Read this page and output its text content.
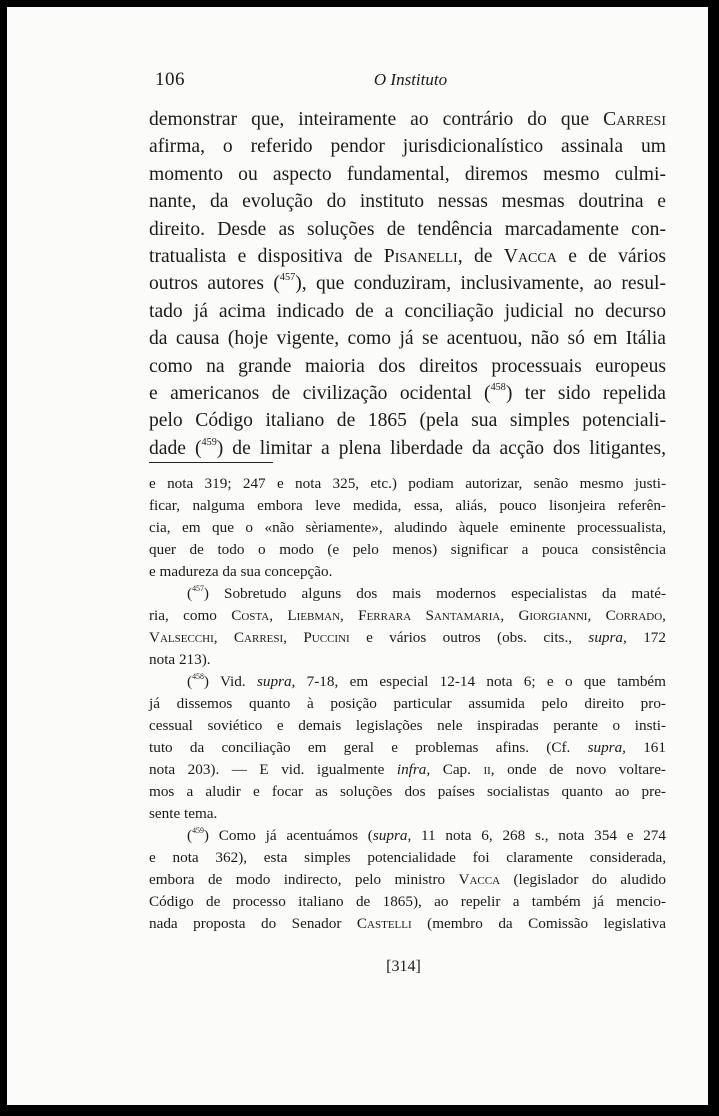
106	O Instituto
demonstrar que, inteiramente ao contrário do que Carresi
afirma, o referido pendor jurisdicionalístico assinala um
momento ou aspecto fundamental, diremos mesmo culmi-
nante, da evolução do instituto nessas mesmas doutrina e
direito. Desde as soluções de tendência marcadamente con-
tratualista e dispositiva de Pisanelli, de Vacca e de vários
outros autores ($^{457}$), que conduziram, inclusivamente, ao resul-
tado já acima indicado de a conciliação judicial no decurso
da causa (hoje vigente, como já se acentuou, não só em Itália
como na grande maioria dos direitos processuais europeus
e americanos de civilização ocidental ($^{458}$) ter sido repelida
pelo Código italiano de 1865 (pela sua simples potenciali-
dade ($^{459}$) de limitar a plena liberdade da acção dos litigantes,
e nota 319; 247 e nota 325, etc.) podiam autorizar, senão mesmo justi-
ficar, nalguma embora leve medida, essa, aliás, pouco lisonjeira referên-
cia, em que o «não sèriamente», aludindo àquele eminente processualista,
quer de todo o modo (e pelo menos) significar a pouca consistência
e madureza da sua concepção.
($^{457}$) Sobretudo alguns dos mais modernos especialistas da maté-
ria, como Costa, Liebman, Ferrara Santamaria, Giorgianni, Corrado,
Valsecchi, Carresi, Puccini e vários outros (obs. cits., supra, 172
nota 213).
($^{458}$) Vid. supra, 7-18, em especial 12-14 nota 6; e o que também
já dissemos quanto à posição particular assumida pelo direito pro-
cessual soviético e demais legislações nele inspiradas perante o insti-
tuto da conciliação em geral e problemas afins. (Cf. supra, 161
nota 203). — E vid. igualmente infra, Cap. ii, onde de novo voltare-
mos a aludir e focar as soluções dos países socialistas quanto ao pre-
sente tema.
($^{459}$) Como já acentuámos (supra, 11 nota 6, 268 s., nota 354 e 274
e nota 362), esta simples potencialidade foi claramente considerada,
embora de modo indirecto, pelo ministro Vacca (legislador do aludido
Código de processo italiano de 1865), ao repelir a também já mencio-
nada proposta do Senador Castelli (membro da Comissão legislativa
[314]
